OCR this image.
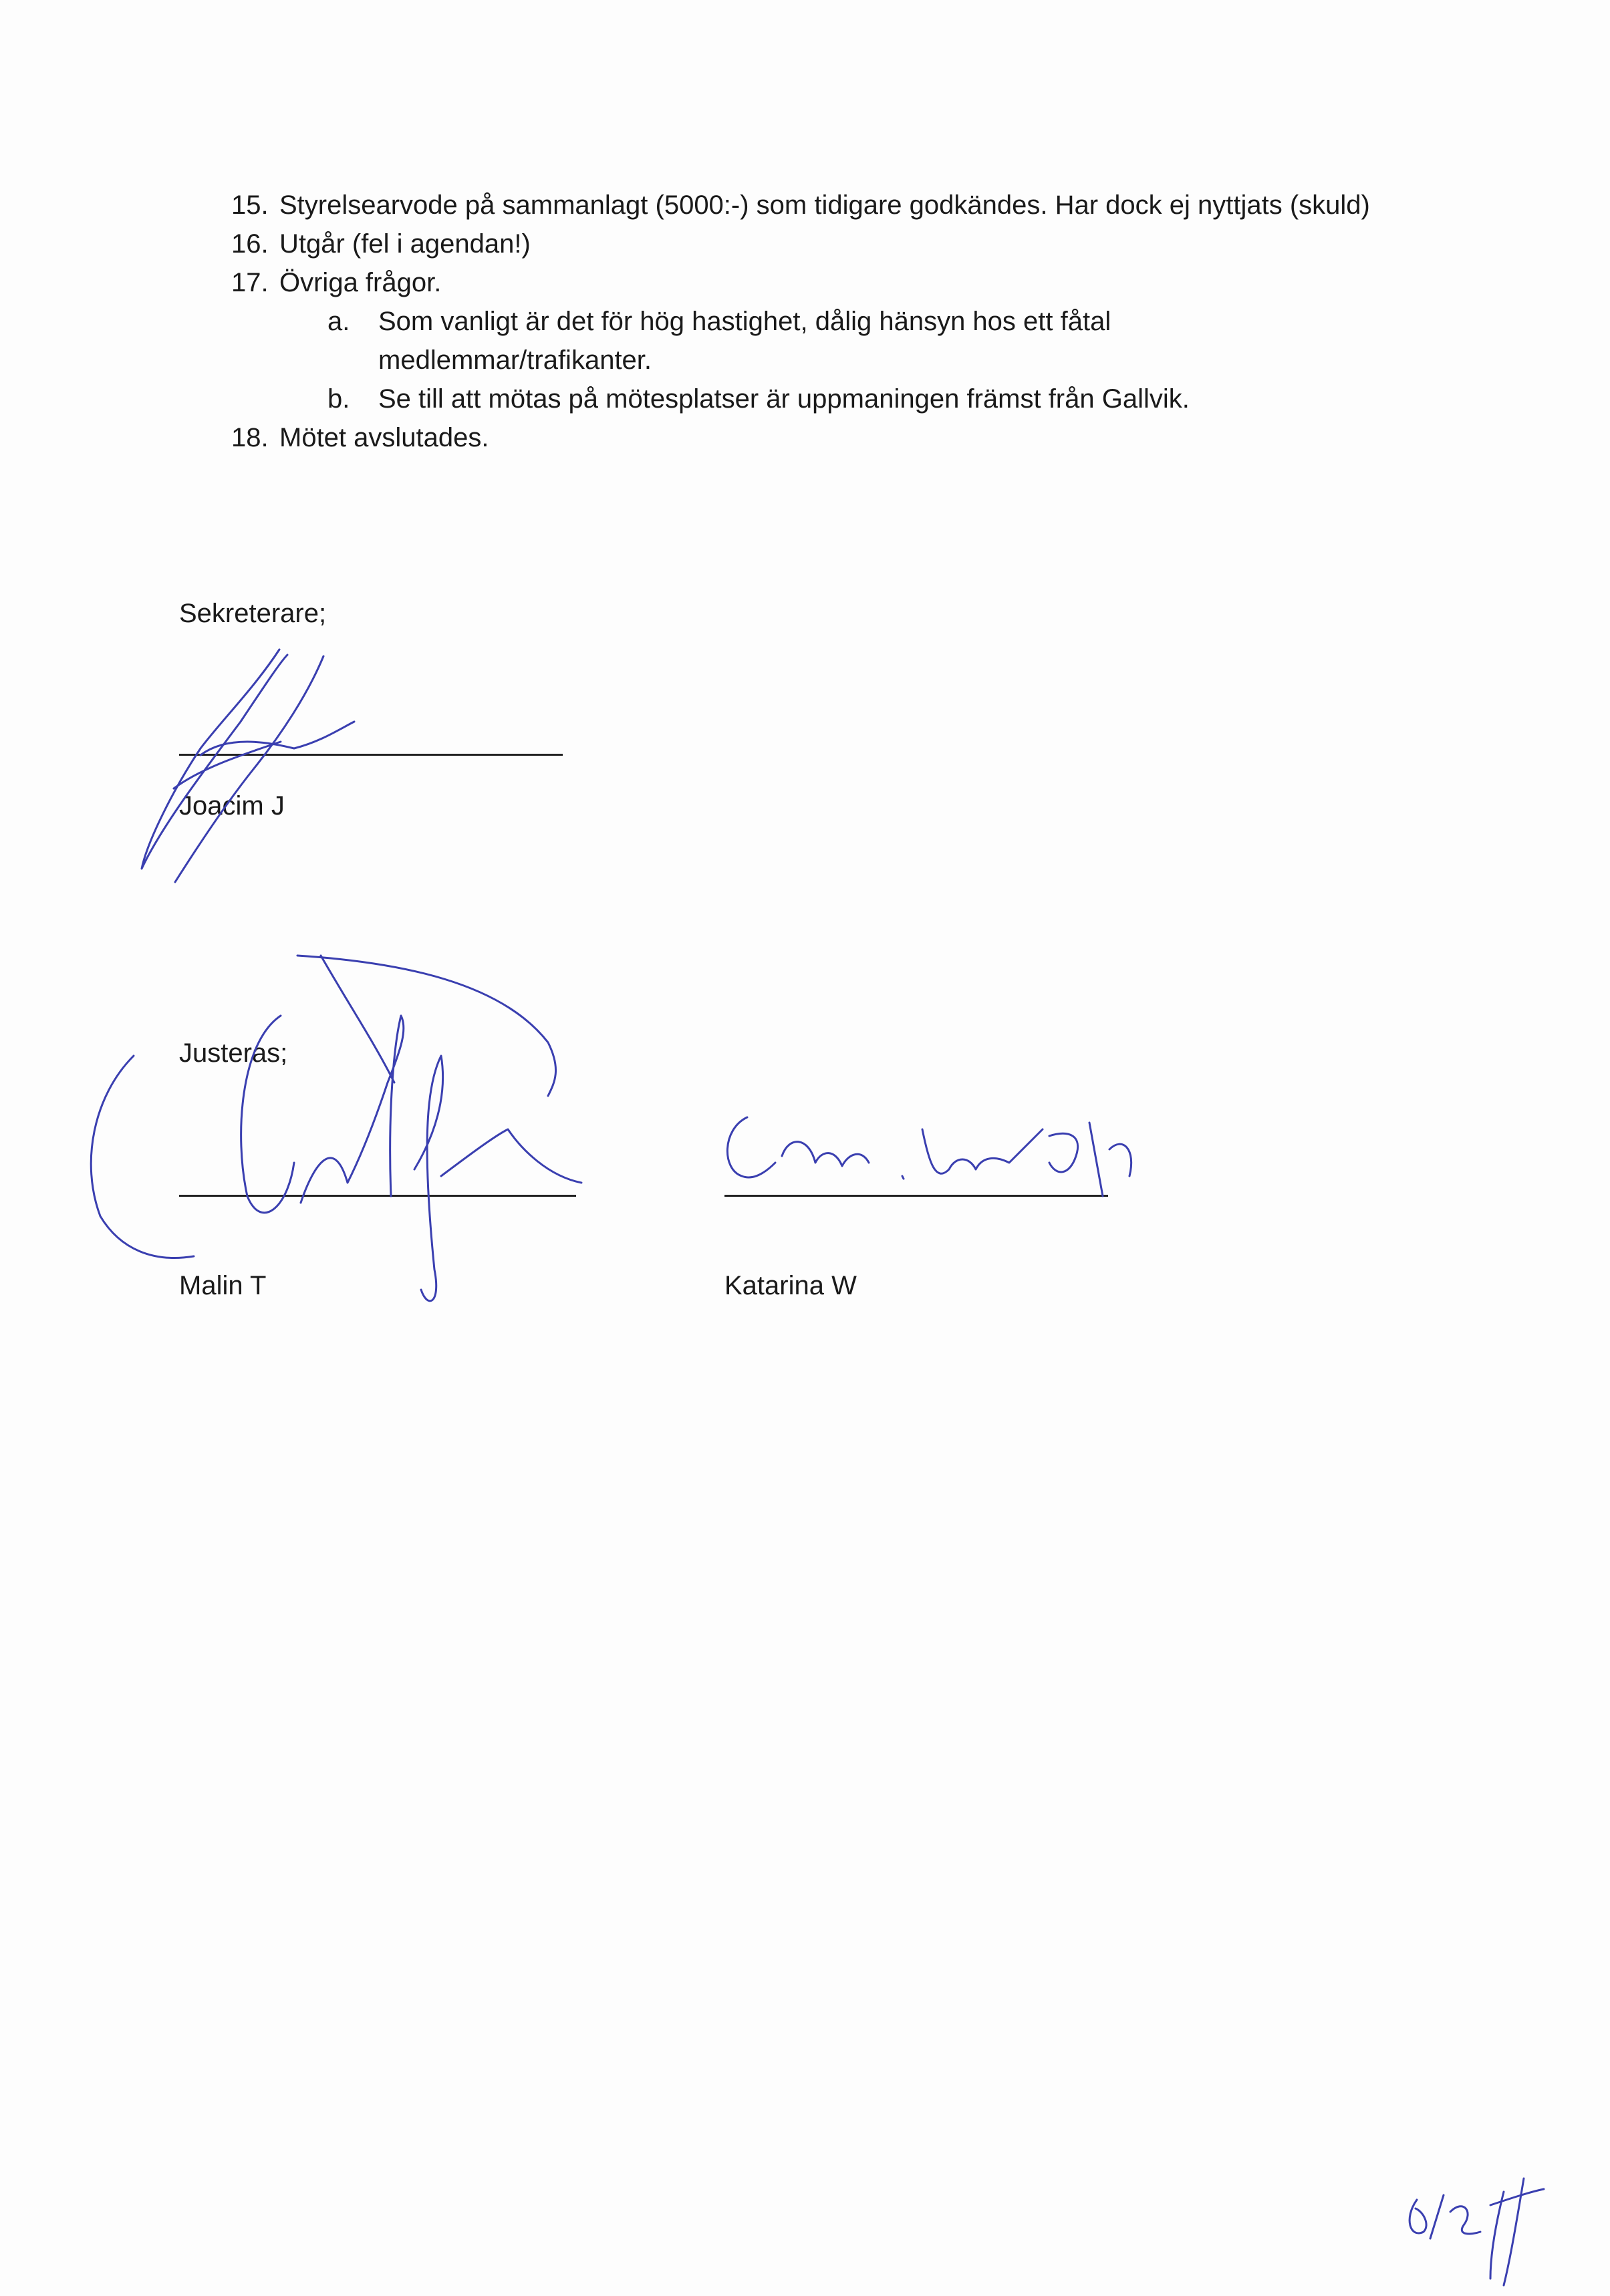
15. Styrelsearvode på sammanlagt (5000:-) som tidigare godkändes. Har dock ej nyttjats (skuld)
16. Utgår (fel i agendan!)
17. Övriga frågor.
a. Som vanligt är det för hög hastighet, dålig hänsyn hos ett fåtal medlemmar/trafikanter.
b. Se till att mötas på mötesplatser är uppmaningen främst från Gallvik.
18. Mötet avslutades.
Sekreterare;
Joacim J
Justeras;
Malin T	Katarina W
